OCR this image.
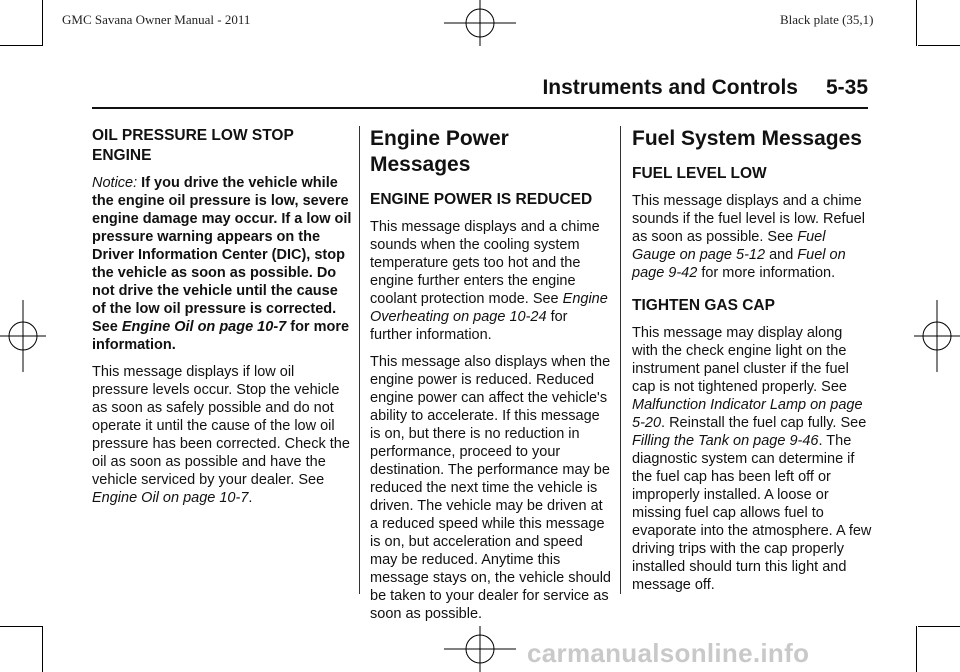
GMC Savana Owner Manual - 2011	Black plate (35,1)
Instruments and Controls 5-35
OIL PRESSURE LOW STOP ENGINE

Notice: If you drive the vehicle while the engine oil pressure is low, severe engine damage may occur. If a low oil pressure warning appears on the Driver Information Center (DIC), stop the vehicle as soon as possible. Do not drive the vehicle until the cause of the low oil pressure is corrected. See Engine Oil on page 10-7 for more information.

This message displays if low oil pressure levels occur. Stop the vehicle as soon as safely possible and do not operate it until the cause of the low oil pressure has been corrected. Check the oil as soon as possible and have the vehicle serviced by your dealer. See Engine Oil on page 10-7.

Engine Power Messages
ENGINE POWER IS REDUCED

This message displays and a chime sounds when the cooling system temperature gets too hot and the engine further enters the engine coolant protection mode. See Engine Overheating on page 10-24 for further information.

This message also displays when the engine power is reduced. Reduced engine power can affect the vehicle's ability to accelerate. If this message is on, but there is no reduction in performance, proceed to your destination. The performance may be reduced the next time the vehicle is driven. The vehicle may be driven at a reduced speed while this message is on, but acceleration and speed may be reduced. Anytime this message stays on, the vehicle should be taken to your dealer for service as soon as possible.

Fuel System Messages
FUEL LEVEL LOW

This message displays and a chime sounds if the fuel level is low. Refuel as soon as possible. See Fuel Gauge on page 5-12 and Fuel on page 9-42 for more information.

TIGHTEN GAS CAP

This message may display along with the check engine light on the instrument panel cluster if the fuel cap is not tightened properly. See Malfunction Indicator Lamp on page 5-20. Reinstall the fuel cap fully. See Filling the Tank on page 9-46. The diagnostic system can determine if the fuel cap has been left off or improperly installed. A loose or missing fuel cap allows fuel to evaporate into the atmosphere. A few driving trips with the cap properly installed should turn this light and message off.

carmanualsonline.info
